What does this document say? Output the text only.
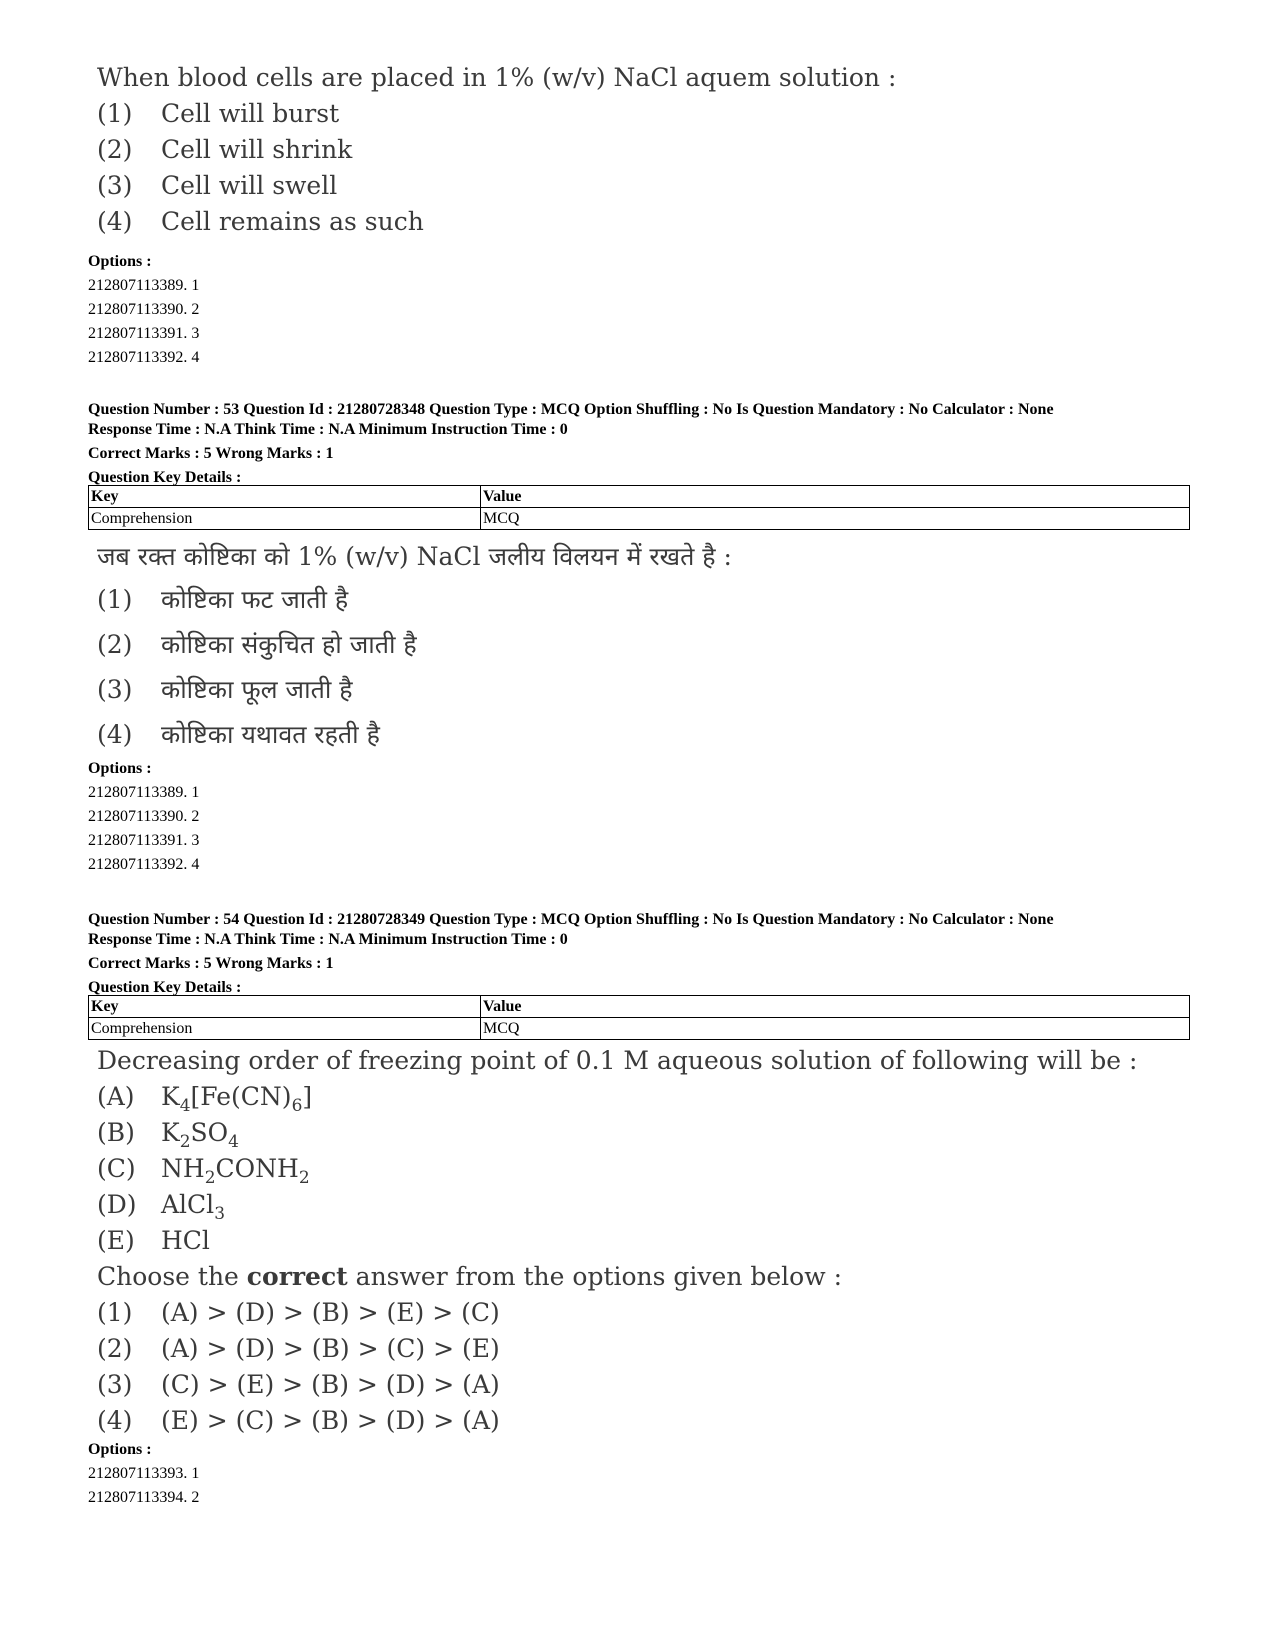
When blood cells are placed in 1% (w/v) NaCl aquem solution :
(1)	Cell will burst
(2)	Cell will shrink
(3)	Cell will swell
(4)	Cell remains as such
Options :
212807113389. 1
212807113390. 2
212807113391. 3
212807113392. 4
Question Number : 53 Question Id : 21280728348 Question Type : MCQ Option Shuffling : No Is Question Mandatory : No Calculator : None
Response Time : N.A Think Time : N.A Minimum Instruction Time : 0
Correct Marks : 5 Wrong Marks : 1
Question Key Details :
Key	Value
Comprehension	MCQ
जब रक्त कोष्टिका को 1% (w/v) NaCl जलीय विलयन में रखते है :
(1)	कोष्टिका फट जाती है
(2)	कोष्टिका संकुचित हो जाती है
(3)	कोष्टिका फूल जाती है
(4)	कोष्टिका यथावत रहती है
Options :
212807113389. 1
212807113390. 2
212807113391. 3
212807113392. 4
Question Number : 54 Question Id : 21280728349 Question Type : MCQ Option Shuffling : No Is Question Mandatory : No Calculator : None
Response Time : N.A Think Time : N.A Minimum Instruction Time : 0
Correct Marks : 5 Wrong Marks : 1
Question Key Details :
Key	Value
Comprehension	MCQ
Decreasing order of freezing point of 0.1 M aqueous solution of following will be :
(A)	$K_4[Fe(CN)_6]$
(B)	$K_2SO_4$
(C)	$NH_2CONH_2$
(D) AlCl$_3$
(E)	HCl
Choose the correct answer from the options given below :
(1)	(A) > (D) > (B) > (E) > (C)
(2)	(A) > (D) > (B) > (C) > (E)
(3)	(C) > (E) > (B) > (D) > (A)
(4)	(E) > (C) > (B) > (D) > (A)
Options :
212807113393. 1
212807113394. 2
